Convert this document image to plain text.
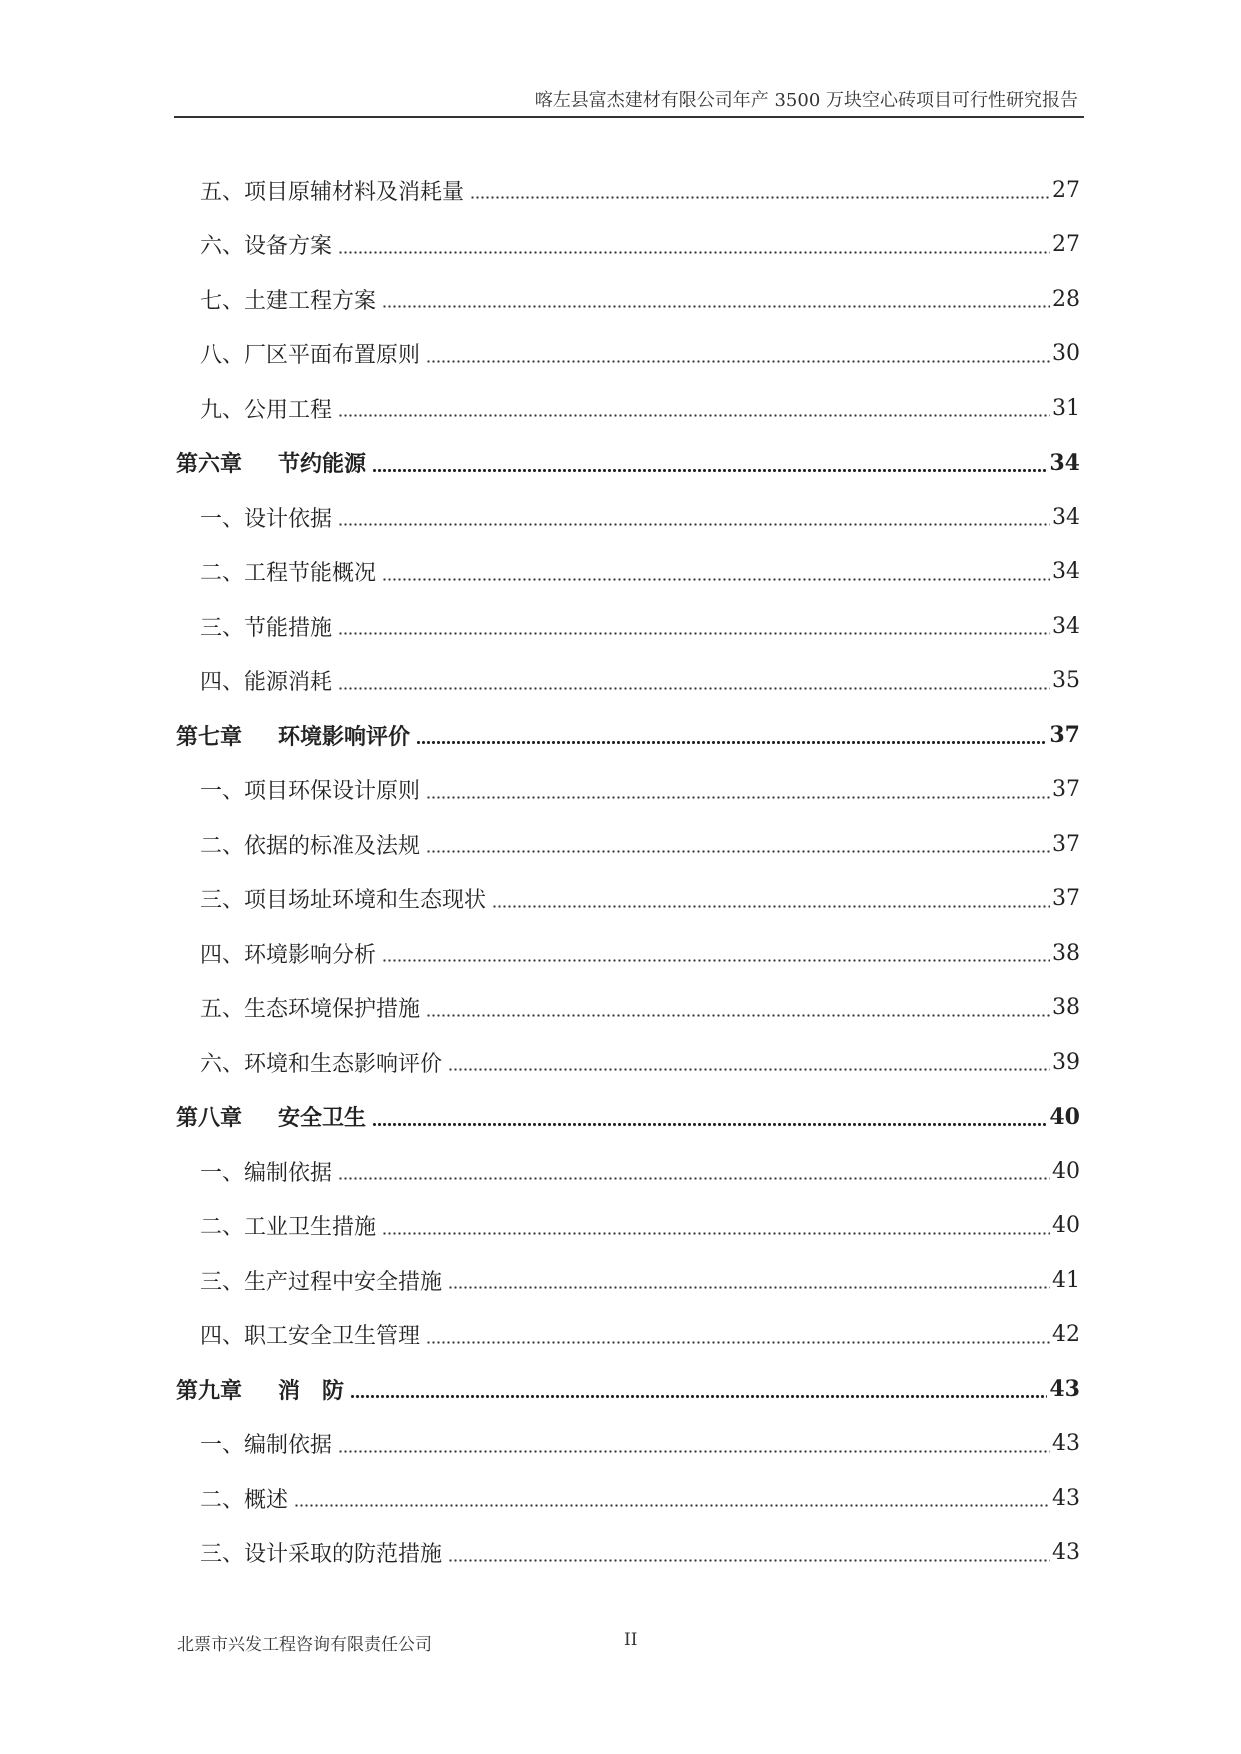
喀左县富杰建材有限公司年产 3500 万块空心砖项目可行性研究报告
五、项目原辅材料及消耗量	27
六、设备方案	27
七、土建工程方案	28
八、厂区平面布置原则	30
九、公用工程	31
第六章 节约能源	34
一、设计依据	34
二、工程节能概况	34
三、节能措施	34
四、能源消耗	35
第七章 环境影响评价	37
一、项目环保设计原则	37
二、依据的标准及法规	37
三、项目场址环境和生态现状	37
四、环境影响分析	38
五、生态环境保护措施	38
六、环境和生态影响评价	39
第八章 安全卫生	40
一、编制依据	40
二、工业卫生措施	40
三、生产过程中安全措施	41
四、职工安全卫生管理	42
第九章 消　防	43
一、编制依据	43
二、概述	43
三、设计采取的防范措施	43
北票市兴发工程咨询有限责任公司	II
